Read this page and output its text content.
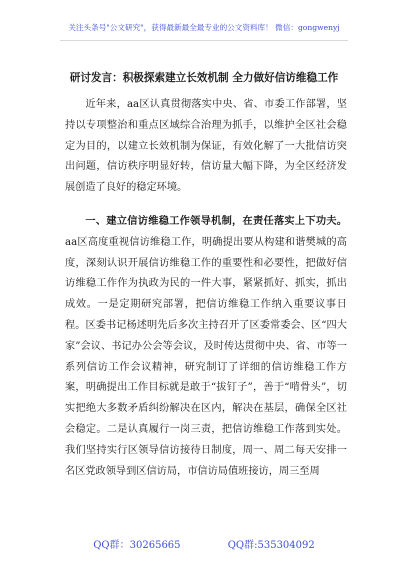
关注头条号"公文研究"，获得最新最全最专业的公文资料库！ 微信：gongwenyj
研讨发言：积极探索建立长效机制 全力做好信访维稳工作

近年来，aa区认真贯彻落实中央、省、市委工作部署，坚持以专项整治和重点区域综合治理为抓手，以维护全区社会稳定为目的，以建立长效机制为保证，有效化解了一大批信访突出问题，信访秩序明显好转，信访量大幅下降，为全区经济发展创造了良好的稳定环境。

一、建立信访维稳工作领导机制，在责任落实上下功夫。aa区高度重视信访维稳工作，明确提出要从构建和谐樊城的高度，深刻认识开展信访维稳工作的重要性和必要性，把做好信访维稳工作作为执政为民的一件大事，紧紧抓好、抓实，抓出成效。一是定期研究部署，把信访维稳工作纳入重要议事日程。区委书记杨述明先后多次主持召开了区委常委会、区“四大家”会议、书记办公会等会议，及时传达贯彻中央、省、市等一系列信访工作会议精神，研究制订了详细的信访维稳工作方案，明确提出工作目标就是敢于“拔钉子”，善于“啃骨头”，切实把绝大多数矛盾纠纷解决在区内，解决在基层，确保全区社会稳定。二是认真履行一岗三责，把信访维稳工作落到实处。我们坚持实行区领导信访接待日制度，周一、周二每天安排一名区党政领导到区信访局，市信访局值班接访，周三至周

QQ群：30265665	QQ群:535304092
